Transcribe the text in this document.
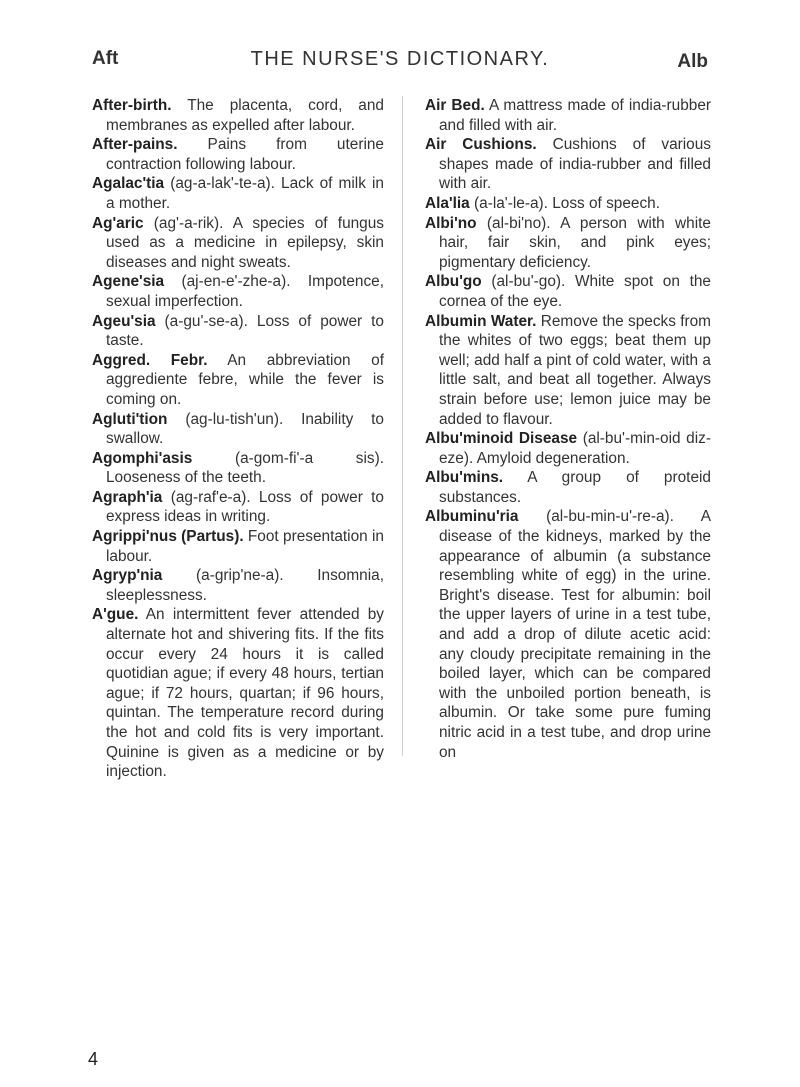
Aft	THE NURSE'S DICTIONARY.	Alb

After-birth. The placenta, cord, and membranes as expelled after labour.

After-pains. Pains from uterine contraction following labour.

Agalac'tia (ag-a-lak'-te-a). Lack of milk in a mother.

Ag'aric (ag'-a-rik). A species of fungus used as a medicine in epilepsy, skin diseases and night sweats.

Agene'sia (aj-en-e'-zhe-a). Impotence, sexual imperfection.

Ageu'sia (a-gu'-se-a). Loss of power to taste.

Aggred. Febr. An abbreviation of aggrediente febre, while the fever is coming on.

Agluti'tion (ag-lu-tish'un). Inability to swallow.

Agomphi'asis (a-gom-fi'-a sis). Looseness of the teeth.

Agraph'ia (ag-raf'e-a). Loss of power to express ideas in writing.

Agrippi'nus (Partus). Foot presentation in labour.

Agryp'nia (a-grip'ne-a). Insomnia, sleeplessness.

A'gue. An intermittent fever attended by alternate hot and shivering fits. If the fits occur every 24 hours it is called quotidian ague; if every 48 hours, tertian ague; if 72 hours, quartan; if 96 hours, quintan. The temperature record during the hot and cold fits is very important. Quinine is given as a medicine or by injection.

Air Bed. A mattress made of india-rubber and filled with air.

Air Cushions. Cushions of various shapes made of india-rubber and filled with air.

Ala'lia (a-la'-le-a). Loss of speech.

Albi'no (al-bi'no). A person with white hair, fair skin, and pink eyes; pigmentary deficiency.

Albu'go (al-bu'-go). White spot on the cornea of the eye.

Albumin Water. Remove the specks from the whites of two eggs; beat them up well; add half a pint of cold water, with a little salt, and beat all together. Always strain before use; lemon juice may be added to flavour.

Albu'minoid Disease (al-bu'-min-oid diz-eze). Amyloid degeneration.

Albu'mins. A group of proteid substances.

Albuminu'ria (al-bu-min-u'-re-a). A disease of the kidneys, marked by the appearance of albumin (a substance resembling white of egg) in the urine. Bright's disease. Test for albumin: boil the upper layers of urine in a test tube, and add a drop of dilute acetic acid: any cloudy precipitate remaining in the boiled layer, which can be compared with the unboiled portion beneath, is albumin. Or take some pure fuming nitric acid in a test tube, and drop urine on

4
